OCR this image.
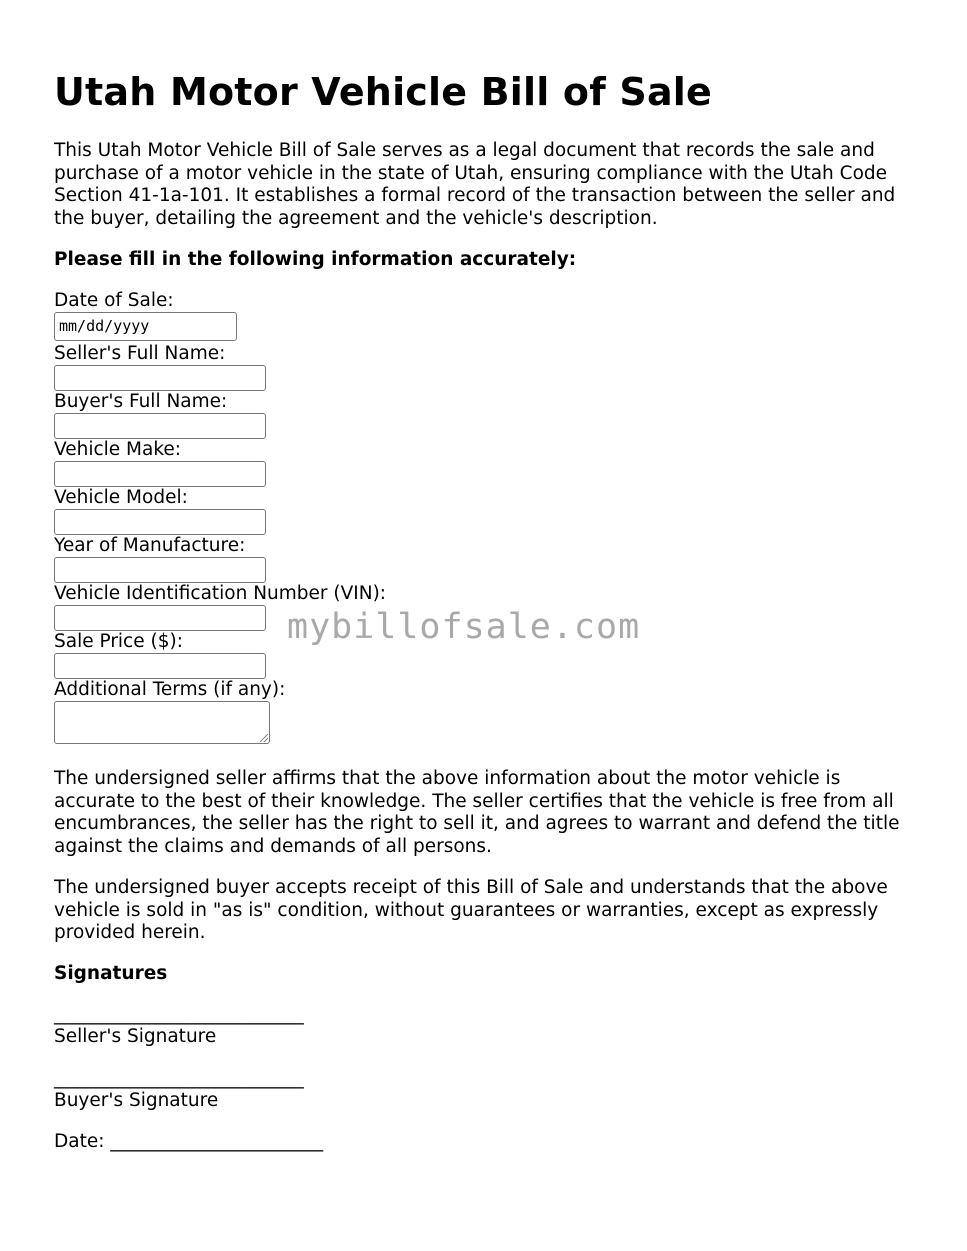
Utah Motor Vehicle Bill of Sale

This Utah Motor Vehicle Bill of Sale serves as a legal document that records the sale and purchase of a motor vehicle in the state of Utah, ensuring compliance with the Utah Code Section 41-1a-101. It establishes a formal record of the transaction between the seller and the buyer, detailing the agreement and the vehicle's description.

Please fill in the following information accurately:

Date of Sale:
mm/dd/yyyy
Seller's Full Name:
Buyer's Full Name:
Vehicle Make:
Vehicle Model:
Year of Manufacture:
Vehicle Identification Number (VIN):
Sale Price ($):
Additional Terms (if any):

The undersigned seller affirms that the above information about the motor vehicle is accurate to the best of their knowledge. The seller certifies that the vehicle is free from all encumbrances, the seller has the right to sell it, and agrees to warrant and defend the title against the claims and demands of all persons.

The undersigned buyer accepts receipt of this Bill of Sale and understands that the above vehicle is sold in "as is" condition, without guarantees or warranties, except as expressly provided herein.

Signatures
___________________________
Seller's Signature
___________________________
Buyer's Signature
Date: _______________________
mybillofsale.com
